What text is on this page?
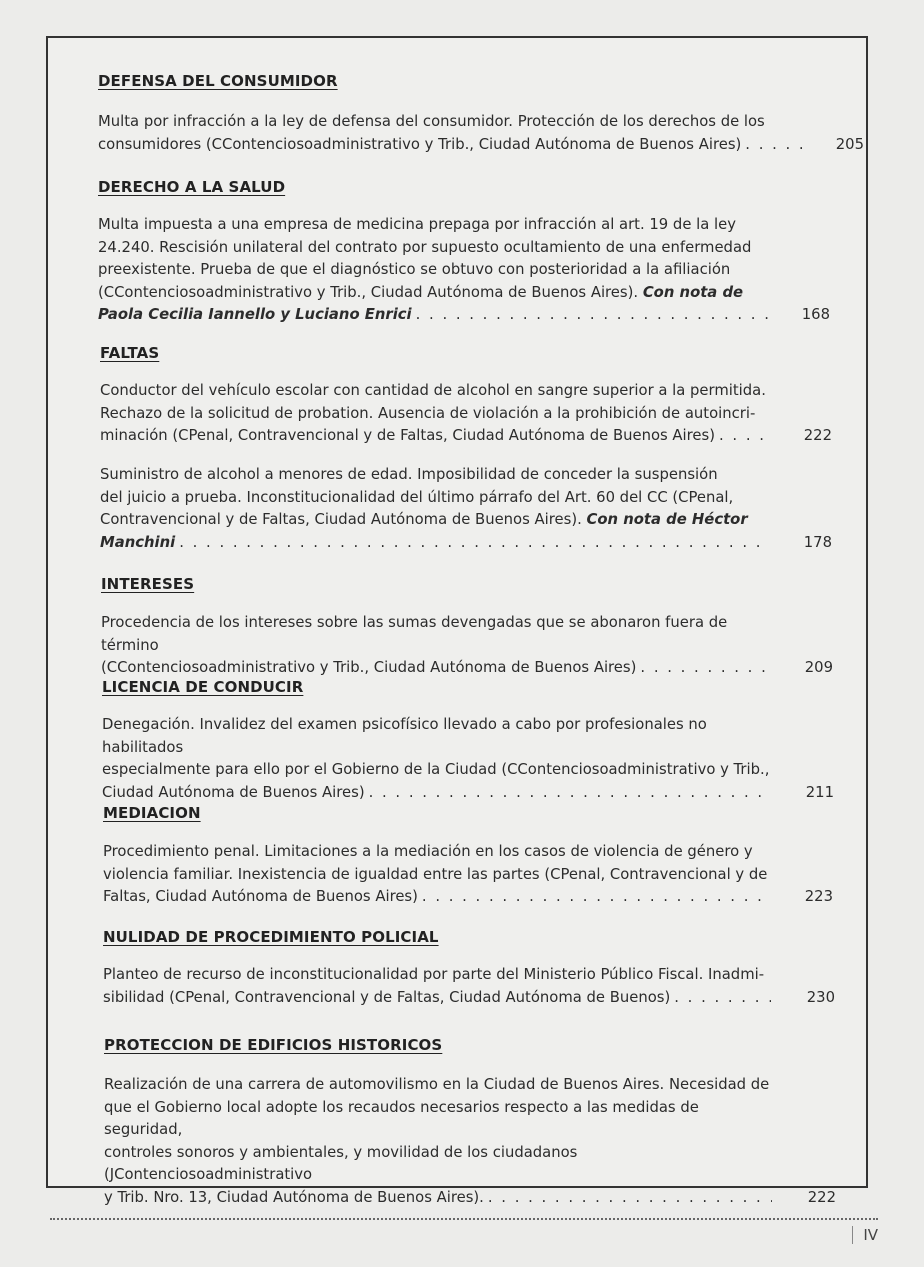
DEFENSA DEL CONSUMIDOR
Multa por infracción a la ley de defensa del consumidor. Protección de los derechos de los
consumidores (CContenciosoadministrativo y Trib., Ciudad Autónoma de Buenos Aires) . . .	205
DERECHO A LA SALUD
Multa impuesta a una empresa de medicina prepaga por infracción al art. 19 de la ley
24.240. Rescisión unilateral del contrato por supuesto ocultamiento de una enfermedad
preexistente. Prueba de que el diagnóstico se obtuvo con posterioridad a la afiliación
(CContenciosoadministrativo y Trib., Ciudad Autónoma de Buenos Aires). Con nota de
Paola Cecilia Iannello y Luciano Enrici . . .	168
FALTAS
Conductor del vehículo escolar con cantidad de alcohol en sangre superior a la permitida.
Rechazo de la solicitud de probation. Ausencia de violación a la prohibición de autoincri-
minación (CPenal, Contravencional y de Faltas, Ciudad Autónoma de Buenos Aires) . . .	222
Suministro de alcohol a menores de edad. Imposibilidad de conceder la suspensión
del juicio a prueba. Inconstitucionalidad del último párrafo del Art. 60 del CC (CPenal,
Contravencional y de Faltas, Ciudad Autónoma de Buenos Aires). Con nota de Héctor
Manchini . . .	178
INTERESES
Procedencia de los intereses sobre las sumas devengadas que se abonaron fuera de término
(CContenciosoadministrativo y Trib., Ciudad Autónoma de Buenos Aires) . . .	209
LICENCIA DE CONDUCIR
Denegación. Invalidez del examen psicofísico llevado a cabo por profesionales no habilitados
especialmente para ello por el Gobierno de la Ciudad (CContenciosoadministrativo y Trib.,
Ciudad Autónoma de Buenos Aires) . . .	211
MEDIACION
Procedimiento penal. Limitaciones a la mediación en los casos de violencia de género y
violencia familiar. Inexistencia de igualdad entre las partes (CPenal, Contravencional y de
Faltas, Ciudad Autónoma de Buenos Aires) . . .	223
NULIDAD DE PROCEDIMIENTO POLICIAL
Planteo de recurso de inconstitucionalidad por parte del Ministerio Público Fiscal. Inadmi-
sibilidad (CPenal, Contravencional y de Faltas, Ciudad Autónoma de Buenos) . . .	230
PROTECCION DE EDIFICIOS HISTORICOS
Realización de una carrera de automovilismo en la Ciudad de Buenos Aires. Necesidad de
que el Gobierno local adopte los recaudos necesarios respecto a las medidas de seguridad,
controles sonoros y ambientales, y movilidad de los ciudadanos (JContenciosoadministrativo
y Trib. Nro. 13, Ciudad Autónoma de Buenos Aires). . . .	222
IV
